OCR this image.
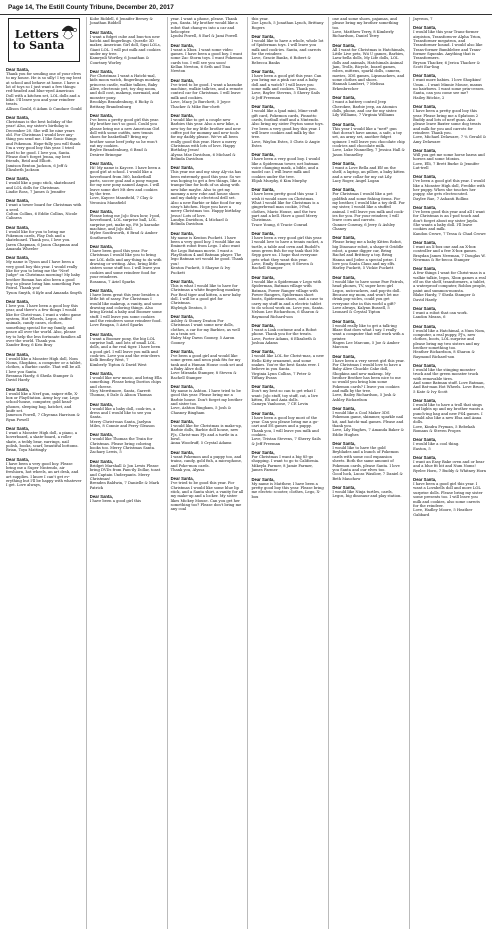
Page 14, The Estill County Tribune, December 20, 2017
Letters
to Santa
Dear Santa,
Thank you for sending one of your elves to my house. He is so silly! I try my best at school and behave at home. I have a lot of toys so I just want a few things: red-headed and blue-eyed American Doll with a kitchen set, LOL dolls and a bike. I'll leave you and your reindeer treats.
Allison Gould, 6 Adam & Candace Gould
Dear Santa,
Christmas is the best holiday of the year! Also, my sister's birthday is December 20. She will be nine years old. For Christmas I would love any-thing you send me. I like Sonic things and Pokemon. Hope-fully you will thank I'm a very good boy this year. I tried hard to be good. I love you, Santa. Please don't forget Jenna, my best friends, Reid and Elliott.
Jamison Benton Jackson, 6 Jeff & Elizabeth Jackson
Dear Santa,
I would like a pogo stick, skateboard and LOL dolls for Christmas.
Lindie Ross, 7 James & Jennifer
Dear Santa,
I want a tower board for Christmas with a seed.
Colton Collins, 6 Eddie Collins, Nicole Caliness
Dear Santa,
I would like for you to bring me Pokemon cards, Play Doh and a skateboard. Thank you, I love you.
Jaren Chapman, 6 Jason Chapman and Amanda Wheeler
Dear Santa,
My name is Tyson and I have been a very good boy this year. I would really like for you to bring me the "Nerf Judge" on Christmas morning! My baby brother Roman has also been a good boy so please bring him something Paw Patrol. Thank you!
Tyson Smyth, 6 Kyle and Amanda Smyth
Dear Santa,
I love you. I have been a good boy this year, and there's a few things I would like for Christ-mas. I want a video game system, Hot Wheels, Legos, stuffed animals, candy canes, clothes, something special for my family, and peace all over the world. Also, please try to help the less fortunate families all over the world. Thank you.
Xander Bray, 6 Kris Bray
Dear Santa,
I would like a Monster High doll, Nom Noms, Shopkins, a computer or a tablet, clothes, a Barbie castle. That will be all. I love you Santa.
Breanna Hardy, 6 Sheila Stamper & David Hardy
Dear Santa,
I would like a Nerf gun, sniper rifle, X-box or PlayStation. Army boy car, Lego school-house, computer, gold head-phones, sleeping bag, hatchet, and knife set.
Jameson Powell, 7 Chyenna Harrison & Ryan Powell
Dear Santa,
I want a Monster High doll, a piano, a hoverboard, a skate-board, a roller skate, a teddy bear, earrings, nail polish, books, scarf, beautiful bottoms.
Brian, Toya Mattingly
Dear Santa,
I have been a very good boy. Please bring me a Super Nintendo, air freshiorn, hot wheels, an art desk, and art supplies. I know I can't get ev-erything but I'll be happy with whatever I get. Love always,
Kobe Riddell, 6 Jennifer Bersey & Jonathan Riddell
Dear Santa,
I want a fidget cube and bun-ton new hatchi and fingerlings. Questle 3D maker, American Girl doll, Squi LOLs, Giant LOL. I will put milk and cookies under my tree.
Kamrynli Wortley, 6 Jonathan & Courtney Worley
Dear Santa,
For Christmas I want a Hatchi-mal, kids moon watch, fingerlings monkey, princess castle, walkie talkies, Baby Alive, electronic pet, toy dog noom, and doll cost, makeup, mermaid, and monster pony.
Brooklyn Brandenburg, 6 Ricky & Brittany Brandenburg
Dear Santa,
I've been a pretty good girl this year. My brother isn't so good. Could you please bring me a new American Girl doll with some outfits, new tennis shoes for basketball? Bring my brother some beef jerky so he won't eat my cookies.
Brylee Brandenburg, 6 Brad & Desiree Brinegar
Dear Santa,
Hi! My name is Kaycee. I have been a good girl at school. I would like a hoverboard from 360, basketball parts, soccer goal and a pony wagon for my new pony named Angus. I will leave some diet Mt dew and cookies by the tree.
Love, Kaycee Mansfield, 7 Clay & Veronica Mansfield
Dear Santa,
Please bring me JoJo Siwa bow, I-pod, hoverboard, LOL surprise ball, LOL surprise pet, make up, Fit Jo karaoke machine, and JoJo doll.
Mylee Southworth, 6 Brad & Amber Southworth
Dear Santa,
I have been good this year. For Christmas I would like you to bring me LOL dolls and any-thing to do with drawing or writing. Also, bring little sisters some stuff too. I will leave you cookies and some reindeer food for your reindeers.
Rosanna, 7 Ariel Sparks
Dear Santa,
I have been great this year besides a little bit of sassy. For Christmas I would like makeup, a vanity, and some drawing and coloring things. Also bring Kristal a baby and Boomer some stuff. I will leave you some cookies and the reindeers some reindeer food.
Love Reagan, 5 Ariel Sparks
Dear Santa,
I want a Boomer pony, the big LOL surprise ball, and lots of small LOL dolls, and a fur real tiger. I have been a good girl. I will leave you milk and cook-ies. Love you and the rein-deers Kelli Bentley West, 7
Kimberly Tipton & David West
Dear Santa,
I would like new music, and bring Ella something. Please bring Doritos chips and cheese.
Nicy Merritmore, Santa, Garrett Thomas, 6 Dale & Alison Thomas
Dear Santa,
I would like a baby doll, cook-ies, a dress and I would like to see you Santa.
Merry Christ-mas Santa, Jaelynn Miles, 8 Connie and Perry Gleason
Dear Santa,
I would like Thomas the Train for Christmas. Please bring coloring books too. Merry Christmas Santa.
Zachary Lewis, 5
Dear Santa,
Bridget Marshall & Jon Lewis Please bring DVDs from Fam-ily Dollar, toast and Captain Underpants. Merry Christmas!
Brenden Baldwin, 7 Danielle & Mark Patrick
Dear Santa,
I have been a good girl this
year. I want a phone, please. Thank you, Santa. My brother would like a robot that chang-es into a car and helicopter.
Lyndsi Powell, 8 Earl & Jami Powell
Dear Santa,
I want a Xbox. I want some video games. I have been a good boy. I want some Zac Storm toys. I want Pokemon cards too. I will see you soon!
Kellan Newton, 6 Seth and Tina Newton
Dear Santa,
I've tried to be good. I want a karaoke machine, walkie talk-ies, and a remote control car for Christmas. I will leave milk and cookies.
Love, Macy Jo Burchett, 5 Joyce Thacker & Mike Bur-chett
Dear Santa,
I would like to get a couple new Barbies this year. Also a new bike, a new toy for my little brother and new coffee pot for mommy and new tools for my daddy please. We've all been really good this year. Have a merry Christmas with lots of love. Happy Birthday Jesus!
Alyssa Mae Davidson, 6 Michael & Belinda Davidson
Dear Santa,
This year me and my sissy Aly-cia has been extremely good this year. So we was hoping to get a few things, like a trampo-line for both of us along with new bike maybe. Also to get my mommy a new robe and house shoes and my daddy a electrical drill set. Also a new Barbie or fake food for my sissy's kitchen. Hope you have a merry Christmas too. Happy birthday Jesus! Lots of love.
Landyn Davidson, 4 Michael & Belinda Davidson
Dear Santa,
My name is Kenton Puckett. I have been a very good boy. I would like an Eminett robot from Lego. I also want the Lego Batman movie. I want a PlayStation 4 and Batman player. The lego Batman set would be good. Thank you!
Kenton Puckett, 5 Shayne & Ivy Puckett
Dear Santa,
This is what I would like to have for Christmas a white fingerling monkey. Fur Real tiger and kitten, a new baby doll. I will be a good girl for Christmas.
Rhyleigh Deaton, 5
Dear Santa,
Ashley & Stoney Deaton For Christmas I want some new dolls, clothes, a car for my Barbies, as well as a train set.
Haley May Dawn Gooney, 5 Aaron Gooney
Dear Santa,
I've been a good girl and would like some green and neon pink fits for my tank and a Human House cook set and a Baby Alive doll.
Love Miranda Stamper, 8 Steven & Rachell Stamper
Dear Santa,
My name is Ashton. I have tried to be good this year. Please bring me a Barbie house. Don't forget my brother and sister too.
Love, Ashton Bingham, 5 Josh & Chasney Bingham
Dear Santa,
I would like for Christmas is make-up, Barbie dolls, Barbie doll house, new PJs, Christ-mas PJs and a turtle in a bowl.
Anna Woodruff, 5 Crystal Adams
Dear Santa,
I want Pokemon and a puppy too, and trains, candy, gold fish, a microphone, and Poke-mon cards.
Thank you, Alyssa
Dear Santa,
I've tried to be good this year. For Christmas I would like some blue lip stick, and a Santa shirt, a vanity for all my make-up and a locker. My sister likes Mickey Mouse. Can you get her something too? Please don't bring me any coal
this year.
Zoe Lynch, 5 Jonathan Lynch, Brittany Rogers
Dear Santa,
I would like to have a whole, whole lot of Spiderman toys. I will leave you milk and cook-ies. Santa, and carrots for the reindeer.
Love, Gracie Banks, 6 Robert & Rebecca Banks
Dear Santa,
I have been a good girl this year. Can you bring me a pink car and a baby doll and a watch? I will leave you some milk and cookies. Thank you.
Love, Baylee Stevens, 5 Sherry Sails & Jeff Freeman
Dear Santa,
I would like a Ipad mini, Mine-craft gift card, Pokemon cards, Pinnotto cards, football stuff and a Nintendo. Also bring my sister Peyton some toys. I've been a very good boy this year. I will leave cookies and milk by the tree.
Love, Waylon Estes, 5 Chris & Angie Estes
Dear Santa,
I have been a very good boy. I would like a Spiderman tower, net batman voice changing mask, a bible, and a model car. I will leave milk and cookies under the tree.
Elijah Murphy, 6 Kim Murphy
Dear Santa,
I have been pretty good this year. I wish it would snow on Christmas. What I would like for Christmas is a gingerbread man cookie, I-Pad, clothes, Mario House, and the two part and a bell. Have a good Merry Christmas.
Trace Young, 6 Tracie Conrad
Dear Santa,
I have been a very good girl this year. I would love to have a tennis racket, a turtle, a table and oven and Rudolf's neon green fish for my tank that Mr. Sepp gave us. I hope that everyone gets what they want this year.
Love, Emily Stamper, 6 Steven & Rachell Stamper
Dear Santa,
I would like a Spiderman v Lego with Spiderman, Batman village with Batman, Power Ranger village with Power Rangers, Spiderman short boots, Spiderman shoes, and a case to carry my stuff in and a electric tablet to do school work on. Love you, Santa.
Nelson Lee Richardson, 6 Sharon & Raymond Richard-son
Dear Santa,
I want a Link costume and a Robot phone. Thank you for the treats.
Love, Porter Adams, 6 Elizabeth & Joshua Adams
Dear Santa,
I would like LOL for Christ-mas, a new Hello Kitty ornament, and some snakes. You're the best Santa ever. I believe in you Santa.
Virginia Lynn Collins, 7 Peter & Tiffany Evans
Dear Santa,
Don't my best so can to get what I want: JoJo stuff, toy stuff, cat, a live kitten, Eli and Ania dolls.
Camryn Vanhoose, 7 CE Levin
Dear Santa,
I have been a good boy most of the year. Can you please bring me a go-cart and ES games and a puppy. Thank you, I will leave you milk and cookies.
Love, Tristan Stevens, 7 Sherry Sails & Jeff Freeman
Dear Santa,
For Christmas I want a big 85-go shopping. I want to go to California.
Mikeyla Farmer, 8 Jamie Farmer, James Farmer
Dear Santa,
My name is Matthew, I have been a pretty good boy this year. Please bring me electric scooter, clothes, Lego, X-box
one and some shoes, pajamas, and please bring my brother something too.
Love, Matthew Terry, 8 Kimberly Richardson, Daniel Terry
Dear Santa,
All I want for Christmas is Hatchimals, Little Live pets, Wii U games, Barbies, Lava-bella dolls, My Life dolls, LOL dolls and animals, Hatchimals Animal Jam, Trolls, Bicycle, board games, robes, mittens, sparkl dolls, camera, movies, 3DS games, Lipsmackers, and some clothes and shoes.
Hannah Lambert, 7 Melissa Erkenbrecher
Dear Santa,
I want a battery control Jeep Cherokee, Barbie jeep, an Atomics dolls, phone, and car for my sister.
Lily Williams, 7 Virginia Williams
Dear Santa,
This year I would like a "nerf" gun that doesn't have ammo, a safe, a toy set, an army set, another fidget spinner. I will leave you chocolate chip cook-ies and chocolate milk.
Love, Luke Nunnelley, 7 Jessica Hall & Jason Nunnelley
Dear Santa,
I want a Love Bella and Elf on the shelf, a laptop, an pillow, a baby kitten and a new collar for my cat Lily.
Lacy Roger, Angel Logan
Dear Santa,
For Christmas I would like a pet goldfish and some fishing items. For my brother, I would like a toy drill. For my sister, I would like a stuffed animal. I will leave you milk and cook-ies for you. For your reindeer, I will leave corn and carrots.
Gunner Conway, 6 Jerry & Ashley Chaney
Dear Santa,
Please bring me a baby Kitten Robot, big Dinosaur robot, a shape-it Griddle robot, a game digger car, Bring Rachel and Brittney a toy. Bring Hanna and Jodee a special prize. I love you Santa Claus and my elfs.
Harley Puckett, 5 Vickie Puckett
Dear Santa,
I would like to have some Paw Patrols, head phones, TV, super hero girl Legos, nutcrackers, and pop-its doll. Because my mom, and won't let me drink pop-sicles, could you get everyone else in this world a gift?
Love always, Kalynn Bussell, 5 Leonard & Crystal Tipton
Dear Santa,
I would really like to get a talk-ing Blaze that does what I say. I really want a computer that will work with a printer.
Hagen Lee Marcum, 5 Joe & Amber Marcum
Dear Santa,
I have been a very sweet girl this year. For Christmas I would love to have a Baby Alive Chuckle Cake doll, Shopkins and new makeup. My brother Brother has been nice to me so would you bring him some Pokemon cards? I leave you cookies and milk by the tree.
Love, Bailey Richardson, 5 Josh & Ashley Richardson
Dear Santa,
I would like a Cool Maker 3DS Pokemon game, skimmer, sparkle nail kit, and hatchi-mal games. Please and thank you.
Love, Lily Hughes, 7 Amanda Baker & Eddie Hughes
Dear Santa,
I would like to have the gold Beyblades and a bunch of Pokemon cards with some cool expansion sheets. Both the same amount of Pokemon cards, please Santa. I love you Santa and our elves too.
Good luck, Lucas Wasilow, 7 Daniel & Beth Mauchow
Dear Santa,
I would like Ninja turtles, cards, Legos, big dinosaur and play station.
Jayveon, 7
Dear Santa,
I would like this year Trans-former airpiston, Transform-er Alpha Trion, Transformer megatron, and Transformer hound. I would also like Trans-former Bumblebee and Trans-former Squeaks. Anything that is Transformers.
Bryson Thacker, 6 Jerica Thacker & Scott Ear-ling
Dear Santa,
I want more babies. I love Shopkins! Umm... I want Minnie Mouse, maxus no hairbows. I want some prin-cesses. Santa, can you come see me?
Hailey Ritchie, 2
Dear Santa,
I have been a pretty good boy this year. Please bring me a Splatoon 2 Buddy and lots of nerf guns. Also please leave Baxter some dog treats and milk for you and carrots for reindeer. Thank you.
Love, Michael Delaware, 7 % Gerald & Amy Delaware
Dear Santa,
Will you get me some horse barns and horses and some Moxios.
Love, Elli, 7 Brett Burke & Jennifer Lut-trell
Dear Santa,
I've been a good girl this year. I would like a Monster High doll, Freddie with her puppy. When she touches her puppy, she gets electrocuted.
Daylee Rae, 7 Ashanti Rollins
Dear Santa,
I've been good this year and all I want for Christmas is an I-pod touch and don't forget about my sister Jayda. She wants a baby doll. I'll leave cookies and milk.
Kandon Crowe, 7 Tessa & Chad Crowe
Dear Santa,
I want an X-box one and an X-box controller and a few X-box games.
Braydan James Newman, 7 Douglas W. Newman & Re-becca Stamper
Dear Santa,
A few things I want for Christ-mas is a walkie talkie, legos, Xbox games a real elf on the shelf, transformers, a tablet, a waterproof computer, Roblox people, paint and summon-monsta.
Blake Hardy, 7 Sheila Stamper & David Hardy
Dear Santa,
I want a robot that can work.
Landon Means, 6
Dear Santa,
I would like a Hatchimal, a Num Nom, computer, a real puppy, PJ's, new clothes, boots, LOL surprise and please bring my two sisters and my brother something too.
Heather Richardson, 8 Sharon & Raymond Richard-son
Dear Santa,
I would like the stinging monster truck and the green monster truck with removable tires.
And some Batman stuff. Love Batman, And Bat-man Hot Wheels. Love Bruce, 5 Kate & Ivy Scott
Dear Santa,
I would like to have a troll that sings and lights up and my brother wants a punch-ing bag and new PS4 games. I would also like a new Elsa and Anna dolls.
Love, Kindra Fryman, 5 Rebekah Romans & Steven Propes
Dear Santa,
I would like a cool thing.
Easton, 5
Dear Santa,
I want an Easy Bake oven and or bear and a blue fit bit and Num Noms!
Ryelee Horn, 7 Buddy & Whitney Horn
Dear Santa,
I have been a good girl this year. I want a Lovabells doll and more LOL surprise dolls. Please bring my sister some presents too. I will leave you milk and cookies, also some carrots for the reindeer.
Love, Hadley Moore, 5 Heather Gabbard
